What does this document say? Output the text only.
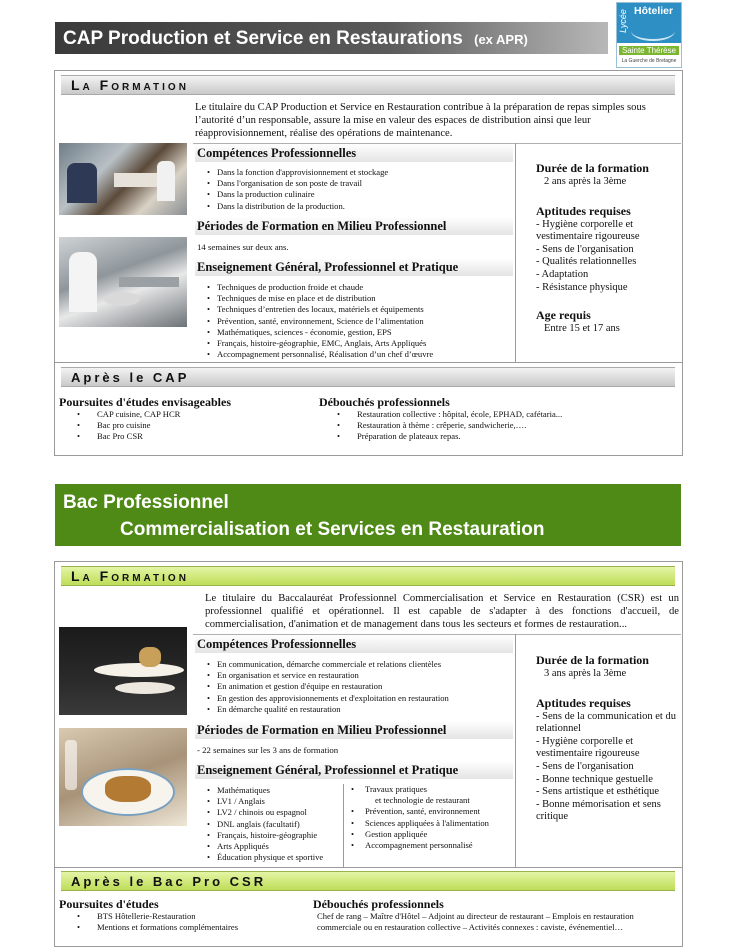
CAP Production et Service en Restaurations (ex APR)
Lycée Hôtelier
Sainte Thérèse
La Guerche de Bretagne
La Formation
Le titulaire du CAP Production et Service en Restauration contribue à la préparation de repas simples sous l’autorité d’un responsable, assure la mise en valeur des espaces de distribution ainsi que leur réapprovisionnement, réalise des opérations de maintenance.
Compétences Professionnelles
• Dans la fonction d'approvisionnement et stockage
• Dans l'organisation de son poste de travail
• Dans la production culinaire
• Dans la distribution de la production.
Périodes de Formation en Milieu Professionnel
14 semaines sur deux ans.
Enseignement Général, Professionnel et Pratique
• Techniques de production froide et chaude
• Techniques de mise en place et de distribution
• Techniques d’entretien des locaux, matériels et équipements
• Prévention, santé, environnement, Science de l’alimentation
• Mathématiques, sciences - économie, gestion, EPS
• Français, histoire-géographie, EMC, Anglais, Arts Appliqués
• Accompagnement personnalisé, Réalisation d’un chef d’œuvre
Durée de la formation
2 ans après la 3ème
Aptitudes requises
- Hygiène corporelle et vestimentaire rigoureuse
- Sens de l'organisation
- Qualités relationnelles
- Adaptation
- Résistance physique
Age requis
Entre 15 et 17 ans
Après le CAP
Poursuites d'études envisageables
• CAP cuisine, CAP HCR
• Bac pro cuisine
• Bac Pro CSR
Débouchés professionnels
• Restauration collective : hôpital, école, EPHAD, cafétaria...
• Restauration à thème : crêperie, sandwicherie,….
• Préparation de plateaux repas.
Bac Professionnel
Commercialisation et Services en Restauration
La Formation
Le titulaire du Baccalauréat Professionnel Commercialisation et Service en Restauration (CSR) est un professionnel qualifié et opérationnel. Il est capable de s'adapter à des fonctions d'accueil, de commercialisation, d'animation et de management dans tous les secteurs et formes de restauration...
Compétences Professionnelles
• En communication, démarche commerciale et relations clientèles
• En organisation et service en restauration
• En animation et gestion d'équipe en restauration
• En gestion des approvisionnements et d'exploitation en restauration
• En démarche qualité en restauration
Périodes de Formation en Milieu Professionnel
- 22 semaines sur les 3 ans de formation
Enseignement Général, Professionnel et Pratique
• Mathématiques
• LV1 / Anglais
• LV2 / chinois ou espagnol
• DNL anglais (facultatif)
• Français, histoire-géographie
• Arts Appliqués
• Éducation physique et sportive
• Travaux pratiques
et technologie de restaurant
• Prévention, santé, environnement
• Sciences appliquées à l'alimentation
• Gestion appliquée
• Accompagnement personnalisé
Durée de la formation
3 ans après la 3ème
Aptitudes requises
- Sens de la communication et du relationnel
- Hygiène corporelle et vestimentaire rigoureuse
- Sens de l'organisation
- Bonne technique gestuelle
- Sens artistique et esthétique
- Bonne mémorisation et sens critique
Après le Bac Pro CSR
Poursuites d'études
• BTS Hôtellerie-Restauration
• Mentions et formations complémentaires
Débouchés professionnels
Chef de rang – Maître d'Hôtel – Adjoint au directeur de restaurant – Emplois en restauration commerciale ou en restauration collective – Activités connexes : caviste, événementiel…
